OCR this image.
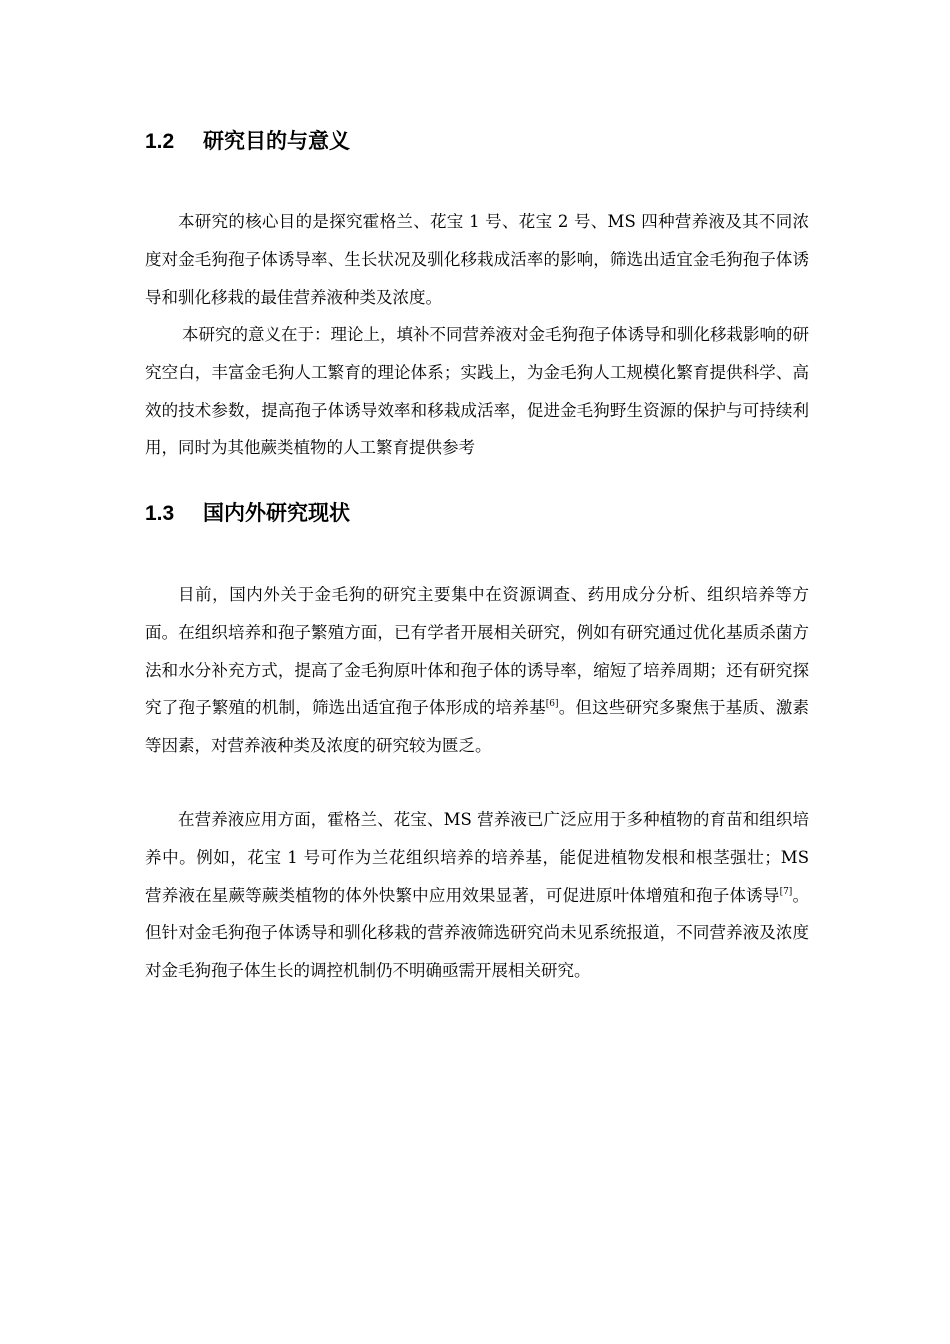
1.2 研究目的与意义

本研究的核心目的是探究霍格兰、花宝 1 号、花宝 2 号、MS 四种营养液及其不同浓度对金毛狗孢子体诱导率、生长状况及驯化移栽成活率的影响，筛选出适宜金毛狗孢子体诱导和驯化移栽的最佳营养液种类及浓度。

本研究的意义在于：理论上，填补不同营养液对金毛狗孢子体诱导和驯化移栽影响的研究空白，丰富金毛狗人工繁育的理论体系；实践上，为金毛狗人工规模化繁育提供科学、高效的技术参数，提高孢子体诱导效率和移栽成活率，促进金毛狗野生资源的保护与可持续利用，同时为其他蕨类植物的人工繁育提供参考

1.3 国内外研究现状

目前，国内外关于金毛狗的研究主要集中在资源调查、药用成分分析、组织培养等方面。在组织培养和孢子繁殖方面，已有学者开展相关研究，例如有研究通过优化基质杀菌方法和水分补充方式，提高了金毛狗原叶体和孢子体的诱导率，缩短了培养周期；还有研究探究了孢子繁殖的机制，筛选出适宜孢子体形成的培养基[6]。但这些研究多聚焦于基质、激素等因素，对营养液种类及浓度的研究较为匮乏。

在营养液应用方面，霍格兰、花宝、MS 营养液已广泛应用于多种植物的育苗和组织培养中。例如，花宝 1 号可作为兰花组织培养的培养基，能促进植物发根和根茎强壮；MS 营养液在星蕨等蕨类植物的体外快繁中应用效果显著，可促进原叶体增殖和孢子体诱导[7]。但针对金毛狗孢子体诱导和驯化移栽的营养液筛选研究尚未见系统报道，不同营养液及浓度对金毛狗孢子体生长的调控机制仍不明确亟需开展相关研究。
